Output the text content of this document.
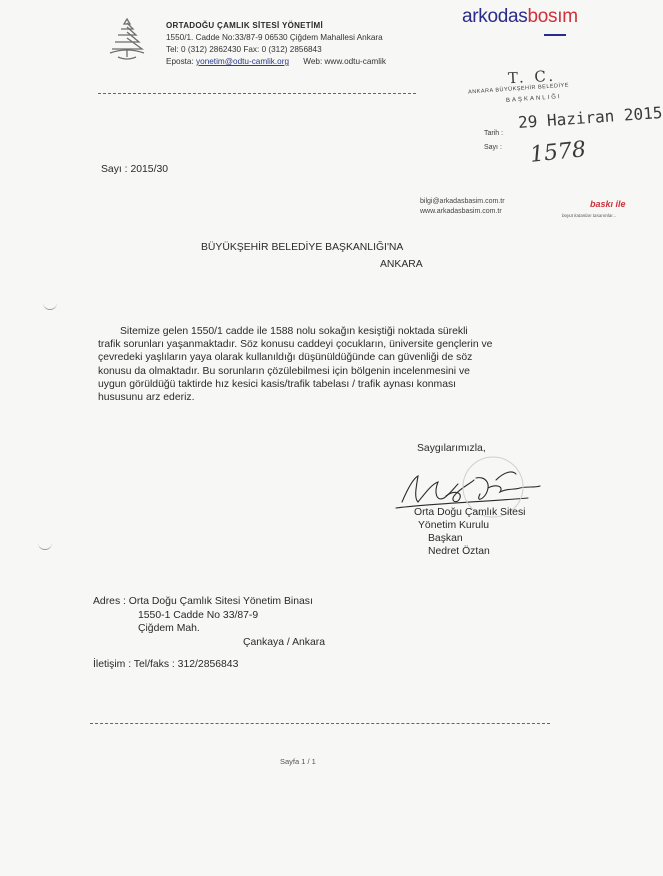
ORTADOĞU ÇAMLIK SİTESİ YÖNETİMİ
1550/1. Cadde No:33/87-9 06530 Çiğdem Mahallesi Ankara
Tel: 0 (312) 2862430 Fax: 0 (312) 2856843
Eposta: yonetim@odtu-camlik.org Web: www.odtu-camlik
arkodasbosım
T. C.
ANKARA BÜYÜKŞEHİR BELEDİYE
BAŞKANLIĞI
29 Haziran 2015
Tarih :
Sayı : 1578
Sayı : 2015/30
bilgi@arkadasbasim.com.tr
www.arkadasbasim.com.tr
baskı ile
boyut katanları tasarımlar...
BÜYÜKŞEHİR BELEDİYE BAŞKANLIĞI'NA
ANKARA
Sitemize gelen 1550/1 cadde ile 1588 nolu sokağın kesiştiği noktada sürekli
trafik sorunları yaşanmaktadır. Söz konusu caddeyi çocukların, üniversite gençlerin ve
çevredeki yaşlıların yaya olarak kullanıldığı düşünüldüğünde can güvenliği de söz
konusu da olmaktadır. Bu sorunların çözülebilmesi için bölgenin incelenmesini ve
uygun görüldüğü taktirde hız kesici kasis/trafik tabelası / trafik aynası konması
hususunu arz ederiz.
Saygılarımızla,
Orta Doğu Çamlık Sitesi
Yönetim Kurulu
Başkan
Nedret Öztan
Adres : Orta Doğu Çamlık Sitesi Yönetim Binası
1550-1 Cadde No 33/87-9
Çiğdem Mah.
Çankaya / Ankara
İletişim : Tel/faks : 312/2856843
Sayfa 1 / 1
